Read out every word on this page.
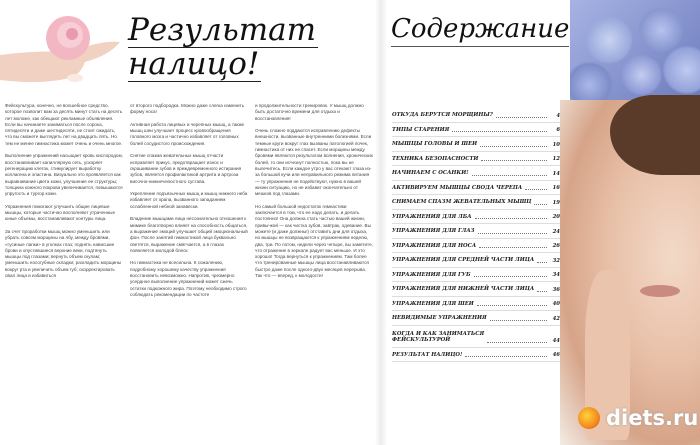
Результат
налицо!

Фейскультура, конечно, не волшебное средство, которое позволит вам за десять минут стать на десять лет моложе, как обещают рекламные объявления. Если вы начинаете заниматься после сорока, пятидесяти и даже шестидесяти, не стоит ожидать, что вы сможете выглядеть лет на двадцать пять. Но тем не менее гимнастика может очень и очень многое.

Выполнение упражнений насыщает кровь кислородом, восстанавливает капиллярную сеть, ускоряет регенерацию клеток, стимулирует выработку коллагена и эластина. Визуально это проявляется как выравнивание цвета кожи, улучшение ее структуры; толщина кожного покрова увеличивается, повышаются упругость и тургор кожи.

Упражнения помогают улучшить общие лицевые мышцы, которые частично восполняют утраченные юные объемы, восстанавливают контуры лица.

За счет проработки мышц можно уменьшить или убрать совсем морщины на лбу, между бровями, «гусиные лапки» в уголках глаз; поднять нависшие брови и опустившиеся верхние веки, подтянуть мышцы под глазами; вернуть объем скулам; уменьшить носогубные складки; разгладить морщины вокруг рта и увеличить объем губ; скорректировать овал лица и избавиться

от второго подбородка. Можно даже слегка изменить форму носа!

Активная работа лицевых и черепных мышц, а также мышц шеи улучшает процесс кровообращения головного мозга и частично избавляет от головных болей сосудистого происхождения.

Снятие спазма жевательных мышц отчасти исправляет прикус, предотвращает износ и скрашивание зубов и преждевременного истирания зубов, является профилактикой артрита и артроза височно-нижнечелюстного сустава.

Укрепление подъязычных мышц и мышц нижнего неба избавляет от храпа, вызванного западанием ослабленной небной занавески.

Владение мышцами лица несознательно отношения к мимике благотворно влияет на способность общаться, а выражение эмоций улучшает общий эмоциональный фон. После занятий гимнастикой лица буквально светятся, выражение смягчается, а в глазах появляется молодой блеск.

Но гимнастика не всесильна. К сожалению, подробному хорошему качеству упражнения восстановить невозможно. Напротив, чрезмерно усердное выполнение упражнений может сжечь остатки подкожного жира. Поэтому необходимо строго соблюдать рекомендации по частоте

и продолжительности тренировок. У мышц должно быть достаточно времени для отдыха и восстановления!

Очень сложно поддаются исправлению дефекты внешности, вызванные внутренними болезнями. Если темные круги вокруг глаз вызваны патологией почек, гимнастика от них не спасет. Если морщины между бровями являются результатом волнения, хронических болей, то они исчезнут полностью, пока вы не вылечитесь. Если каждое утро у вас отекают глаза из-за большой кучи или неправильного режима питания — ту упражнения не подействуют, нужно в вашей жизни ситуацию, но не избавит окончательно от мешков под глазами.

Но самый большой недостаток гимнастики заключается в том, что ее надо делать, и делать постоянно! Она должна стать частью вашей жизни, привычкой — как чистка зубов, завтрак, одевание. Вы можете (и даже должны!) отставить дни для отдыха, но мышцы не возвращаются к упражнениям неделю, два, три. По потом, недели через четыре, вы заметите, что отражение в зеркале радует вас меньше. И это хорошо! Тогда вернуться к упражнениям. Там более что тренированные мышцы лица восстанавливаются быстро даже после одного-двух месяцев перерыва. Так что — вперед, к молодости!

Содержание
ОТКУДА БЕРУТСЯ МОРЩИНЫ?	4
ТИПЫ СТАРЕНИЯ	6
МЫШЦЫ ГОЛОВЫ И ШЕИ	10
ТЕХНИКА БЕЗОПАСНОСТИ	12
НАЧИНАЕМ С ОСАНКИ!	14
АКТИВИРУЕМ МЫШЦЫ СВОДА ЧЕРЕПА	16
СНИМАЕМ СПАЗМ ЖЕВАТЕЛЬНЫХ МЫШЦ	19
УПРАЖНЕНИЯ ДЛЯ ЛБА	20
УПРАЖНЕНИЯ ДЛЯ ГЛАЗ	24
УПРАЖНЕНИЯ ДЛЯ НОСА	26
УПРАЖНЕНИЯ ДЛЯ СРЕДНЕЙ ЧАСТИ ЛИЦА	32
УПРАЖНЕНИЯ ДЛЯ ГУБ	34
УПРАЖНЕНИЯ ДЛЯ НИЖНЕЙ ЧАСТИ ЛИЦА	36
УПРАЖНЕНИЯ ДЛЯ ШЕИ	40
НЕВИДИМЫЕ УПРАЖНЕНИЯ	42
КОГДА И КАК ЗАНИМАТЬСЯ
ФЕЙСКУЛЬТУРОЙ	44
РЕЗУЛЬТАТ НАЛИЦО!	46
diets.ru
